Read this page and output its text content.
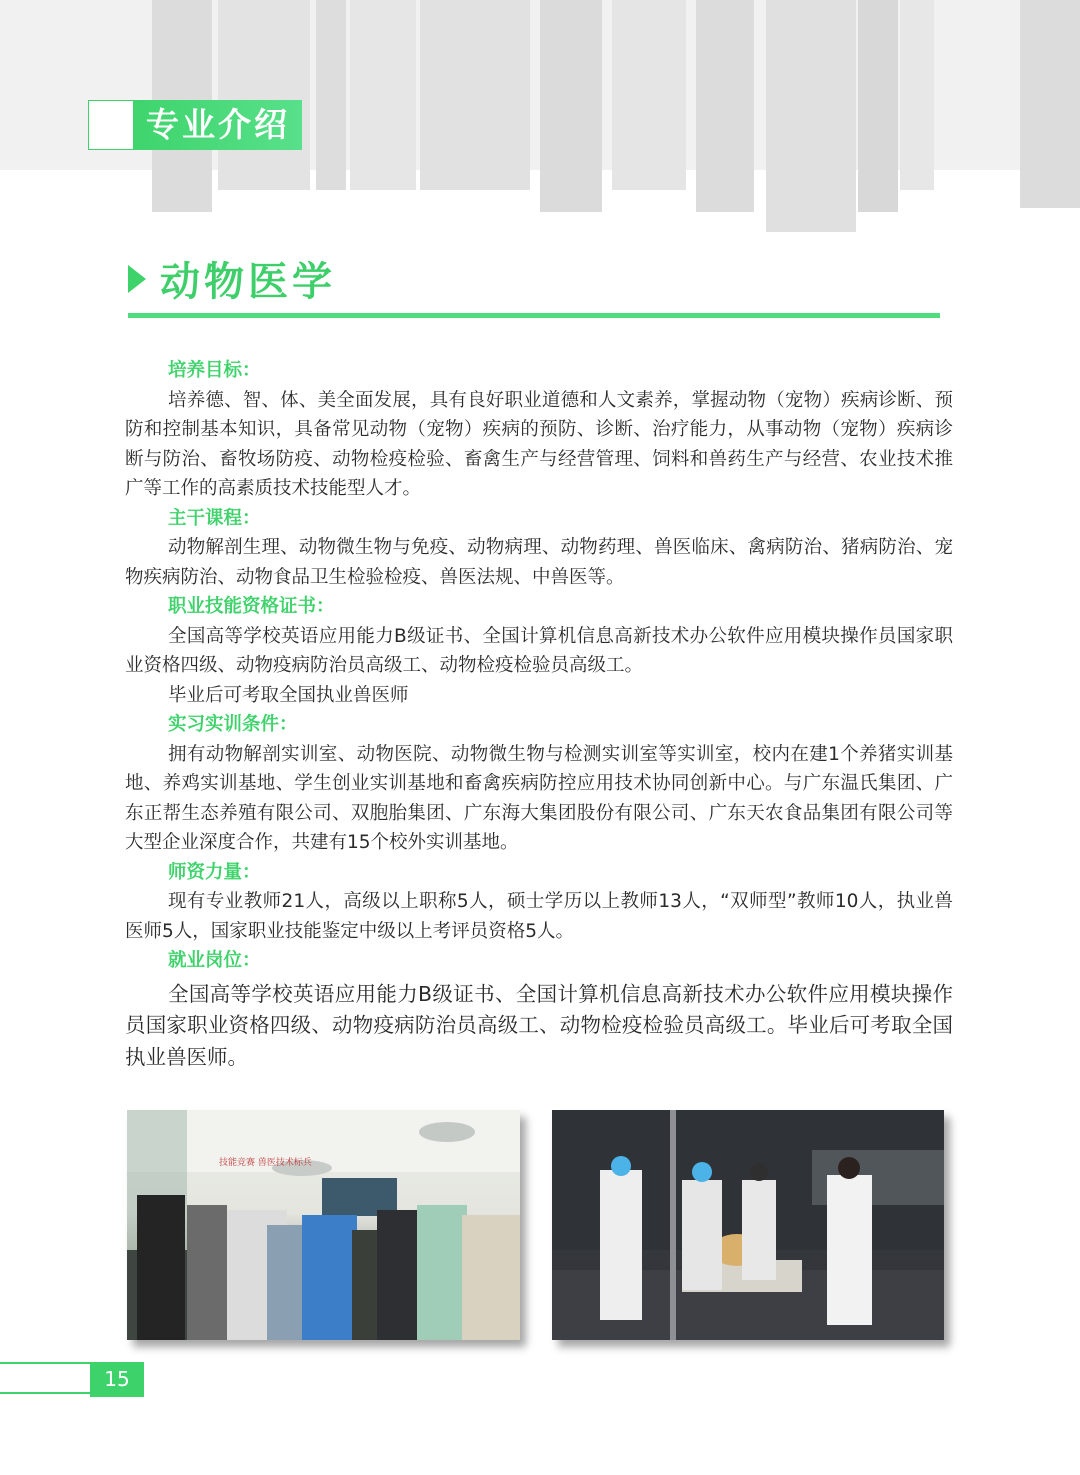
专业介绍
动物医学
培养目标：
培养德、智、体、美全面发展，具有良好职业道德和人文素养，掌握动物（宠物）疾病诊断、预防和控制基本知识，具备常见动物（宠物）疾病的预防、诊断、治疗能力，从事动物（宠物）疾病诊断与防治、畜牧场防疫、动物检疫检验、畜禽生产与经营管理、饲料和兽药生产与经营、农业技术推广等工作的高素质技术技能型人才。
主干课程：
动物解剖生理、动物微生物与免疫、动物病理、动物药理、兽医临床、禽病防治、猪病防治、宠物疾病防治、动物食品卫生检验检疫、兽医法规、中兽医等。
职业技能资格证书：
全国高等学校英语应用能力B级证书、全国计算机信息高新技术办公软件应用模块操作员国家职业资格四级、动物疫病防治员高级工、动物检疫检验员高级工。
毕业后可考取全国执业兽医师
实习实训条件：
拥有动物解剖实训室、动物医院、动物微生物与检测实训室等实训室，校内在建1个养猪实训基地、养鸡实训基地、学生创业实训基地和畜禽疾病防控应用技术协同创新中心。与广东温氏集团、广东正帮生态养殖有限公司、双胞胎集团、广东海大集团股份有限公司、广东天农食品集团有限公司等大型企业深度合作，共建有15个校外实训基地。
师资力量：
现有专业教师21人，高级以上职称5人，硕士学历以上教师13人，“双师型”教师10人，执业兽医师5人，国家职业技能鉴定中级以上考评员资格5人。
就业岗位：
全国高等学校英语应用能力B级证书、全国计算机信息高新技术办公软件应用模块操作员国家职业资格四级、动物疫病防治员高级工、动物检疫检验员高级工。毕业后可考取全国执业兽医师。
技能竞赛 兽医技术标兵
15
